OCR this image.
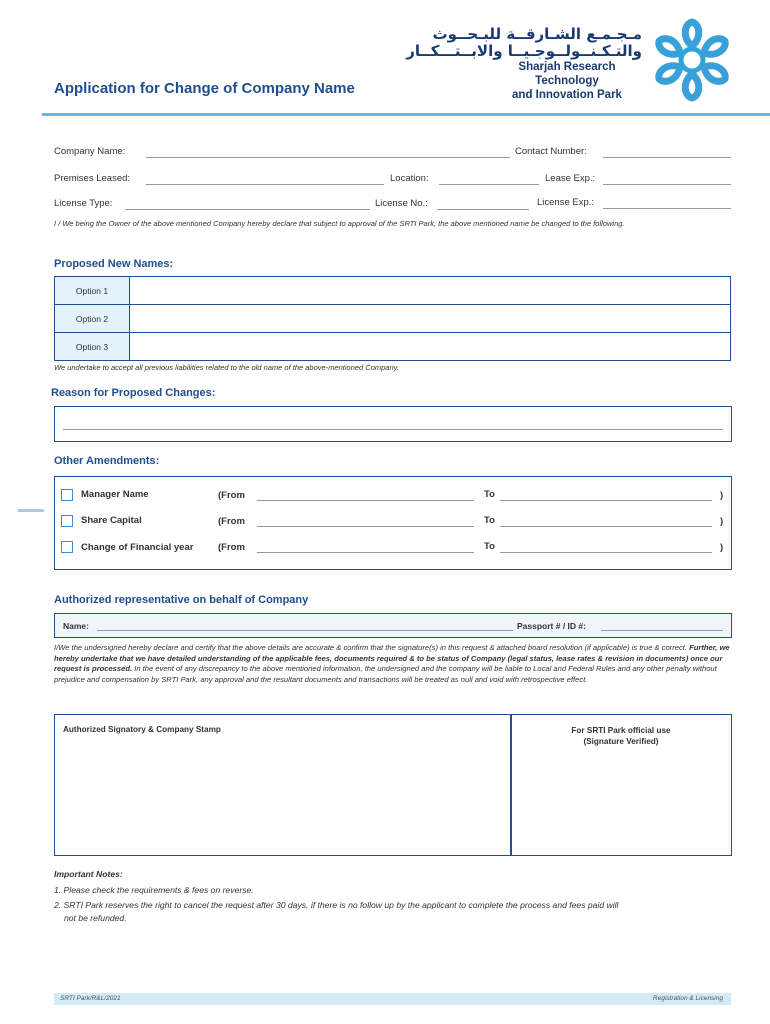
مـجـمـع الشـارقــة للبـحــوث
والتـكـنــولــوجـيــا والابــتـــكــار
Sharjah Research Technology
and Innovation Park
Application for Change of Company Name
Company Name:	Contact Number:
Premises Leased:	Location:	Lease Exp.:
License Type:	License No.:	License Exp.:
I / We being the Owner of the above mentioned Company hereby declare that subject to approval of the SRTI Park, the above mentioned name be changed to the following.
Proposed New Names:
Option 1	
Option 2	
Option 3	
We undertake to accept all previous liabilities related to the old name of the above-mentioned Company.
Reason for Proposed Changes:
Other Amendments:
Manager Name	(From	To	)
Share Capital	(From	To	)
Change of Financial year	(From	To	)
Authorized representative on behalf of Company
Name:	Passport # / ID #:
I/We the undersigned hereby declare and certify that the above details are accurate & confirm that the signature(s) in this request & attached board resolution (if applicable) is true & correct. Further, we hereby undertake that we have detailed understanding of the applicable fees, documents required & to be status of Company (legal status, lease rates & revision in documents) once our request is processed. In the event of any discrepancy to the above mentioned information, the undersigned and the company will be liable to Local and Federal Rules and any other penalty without prejudice and compensation by SRTI Park, any approval and the resultant documents and transactions will be treated as null and void with retrospective effect.
Authorized Signatory & Company Stamp	For SRTI Park official use
(Signature Verified)
Important Notes:
1. Please check the requirements & fees on reverse.
2. SRTI Park reserves the right to cancel the request after 30 days, if there is no follow up by the applicant to complete the process and fees paid will
not be refunded.
SRTI Park/R&L/2021	Registration & Licensing
